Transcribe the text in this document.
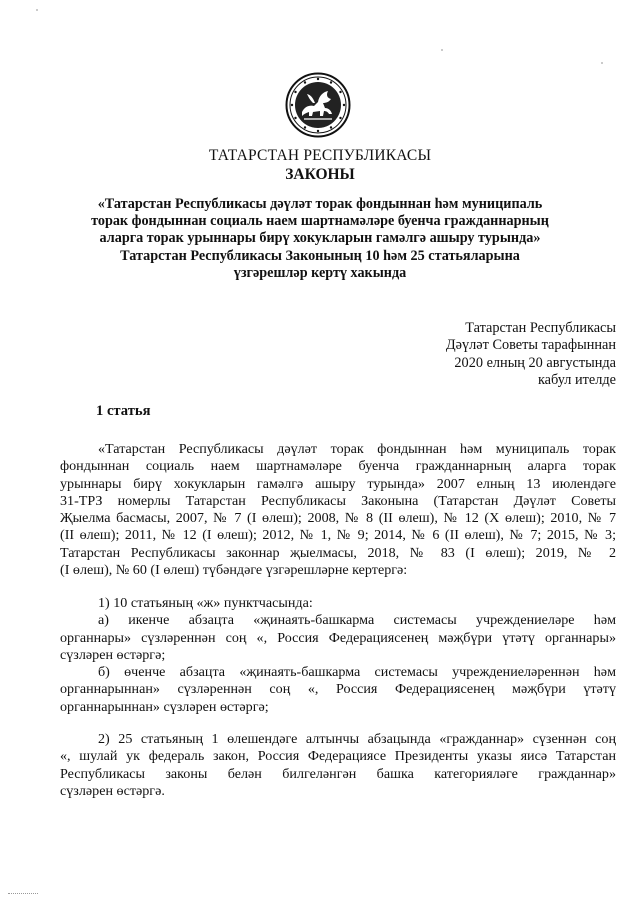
ТАТАРСТАН РЕСПУБЛИКАСЫ
ЗАКОНЫ
«Татарстан Республикасы дәүләт торак фондыннан һәм муниципаль
торак фондыннан социаль наем шартнамәләре буенча гражданнарның
аларга торак урыннары бирү хокукларын гамәлгә ашыру турында»
Татарстан Республикасы Законының 10 һәм 25 статьяларына
үзгәрешләр кертү хакында
Татарстан Республикасы
Дәүләт Советы тарафыннан
2020 елның 20 августында
кабул ителде
1 статья
«Татарстан Республикасы дәүләт торак фондыннан һәм муниципаль торак
фондыннан социаль наем шартнамәләре буенча гражданнарның аларга торак
урыннары бирү хокукларын гамәлгә ашыру турында» 2007 елның 13 июлендәге
31-ТРЗ номерлы Татарстан Республикасы Законына (Татарстан Дәүләт Советы
Җыелма басмасы, 2007, № 7 (I өлеш); 2008, № 8 (II өлеш), № 12 (X өлеш); 2010, № 7
(II өлеш); 2011, № 12 (I өлеш); 2012, № 1, № 9; 2014, № 6 (II өлеш), № 7; 2015, № 3;
Татарстан Республикасы законнар җыелмасы, 2018, № 83 (I өлеш); 2019, № 2
(I өлеш), № 60 (I өлеш) түбәндәге үзгәрешләрне кертергә:
1) 10 статьяның «ж» пунктчасында:
а) икенче абзацта «җинаять-башкарма системасы учреждениеләре һәм
органнары» сүзләреннән соң «, Россия Федерациясенең мәҗбүри үтәтү органнары»
сүзләрен өстәргә;
б) өченче абзацта «җинаять-башкарма системасы учреждениеләреннән һәм
органнарыннан» сүзләреннән соң «, Россия Федерациясенең мәҗбүри үтәтү
органнарыннан» сүзләрен өстәргә;
2) 25 статьяның 1 өлешендәге алтынчы абзацында «гражданнар» сүзеннән соң
«, шулай ук федераль закон, Россия Федерациясе Президенты указы яисә Татарстан
Республикасы законы белән билгеләнгән башка категорияләге гражданнар»
сүзләрен өстәргә.
